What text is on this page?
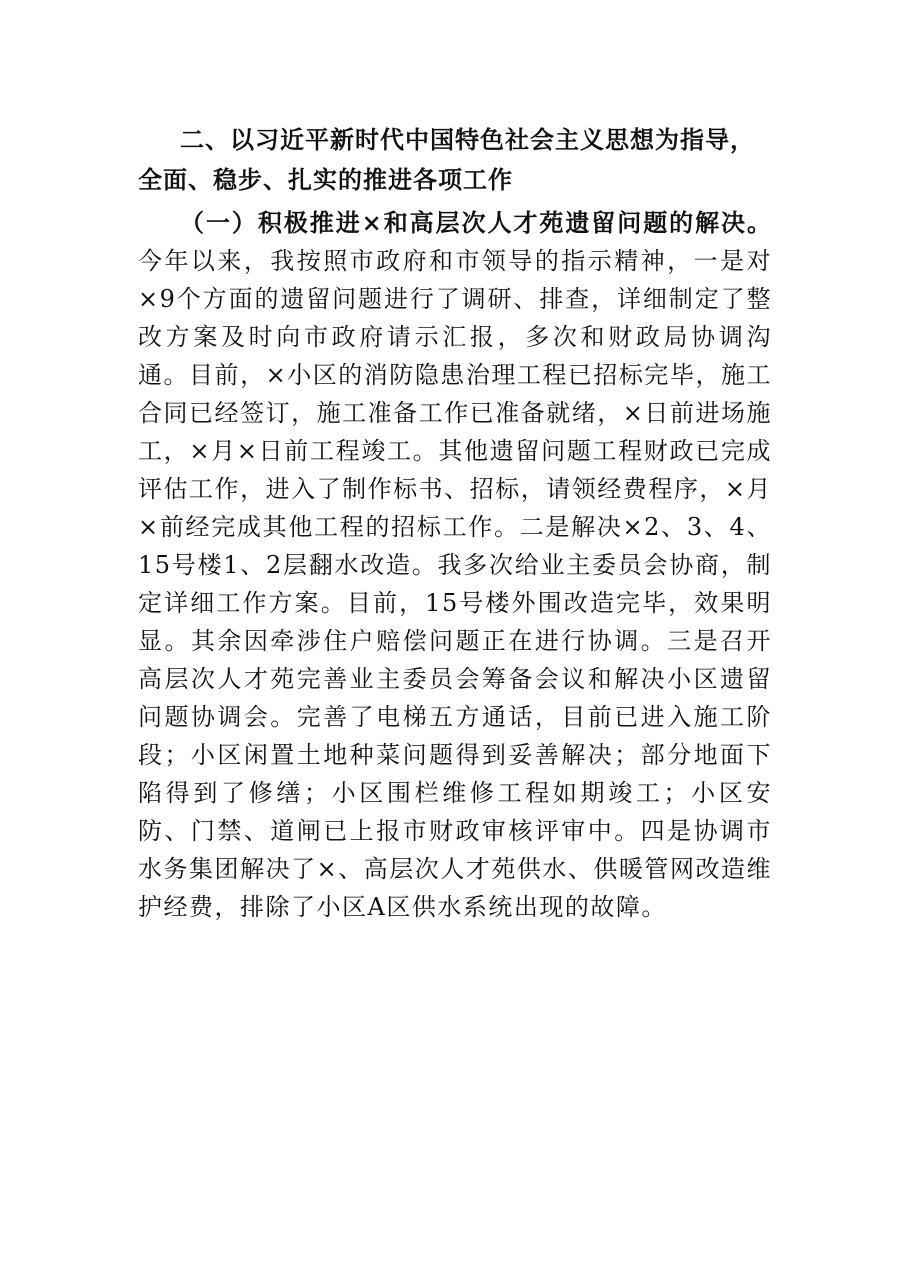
二、以习近平新时代中国特色社会主义思想为指导，全面、稳步、扎实的推进各项工作

（一）积极推进×和高层次人才苑遗留问题的解决。今年以来，我按照市政府和市领导的指示精神，一是对×9个方面的遗留问题进行了调研、排查，详细制定了整改方案及时向市政府请示汇报，多次和财政局协调沟通。目前，×小区的消防隐患治理工程已招标完毕，施工合同已经签订，施工准备工作已准备就绪，×日前进场施工，×月×日前工程竣工。其他遗留问题工程财政已完成评估工作，进入了制作标书、招标，请领经费程序，×月×前经完成其他工程的招标工作。二是解决×2、3、4、15号楼1、2层翻水改造。我多次给业主委员会协商，制定详细工作方案。目前，15号楼外围改造完毕，效果明显。其余因牵涉住户赔偿问题正在进行协调。三是召开高层次人才苑完善业主委员会筹备会议和解决小区遗留问题协调会。完善了电梯五方通话，目前已进入施工阶段；小区闲置土地种菜问题得到妥善解决；部分地面下陷得到了修缮；小区围栏维修工程如期竣工；小区安防、门禁、道闸已上报市财政审核评审中。四是协调市水务集团解决了×、高层次人才苑供水、供暖管网改造维护经费，排除了小区A区供水系统出现的故障。
